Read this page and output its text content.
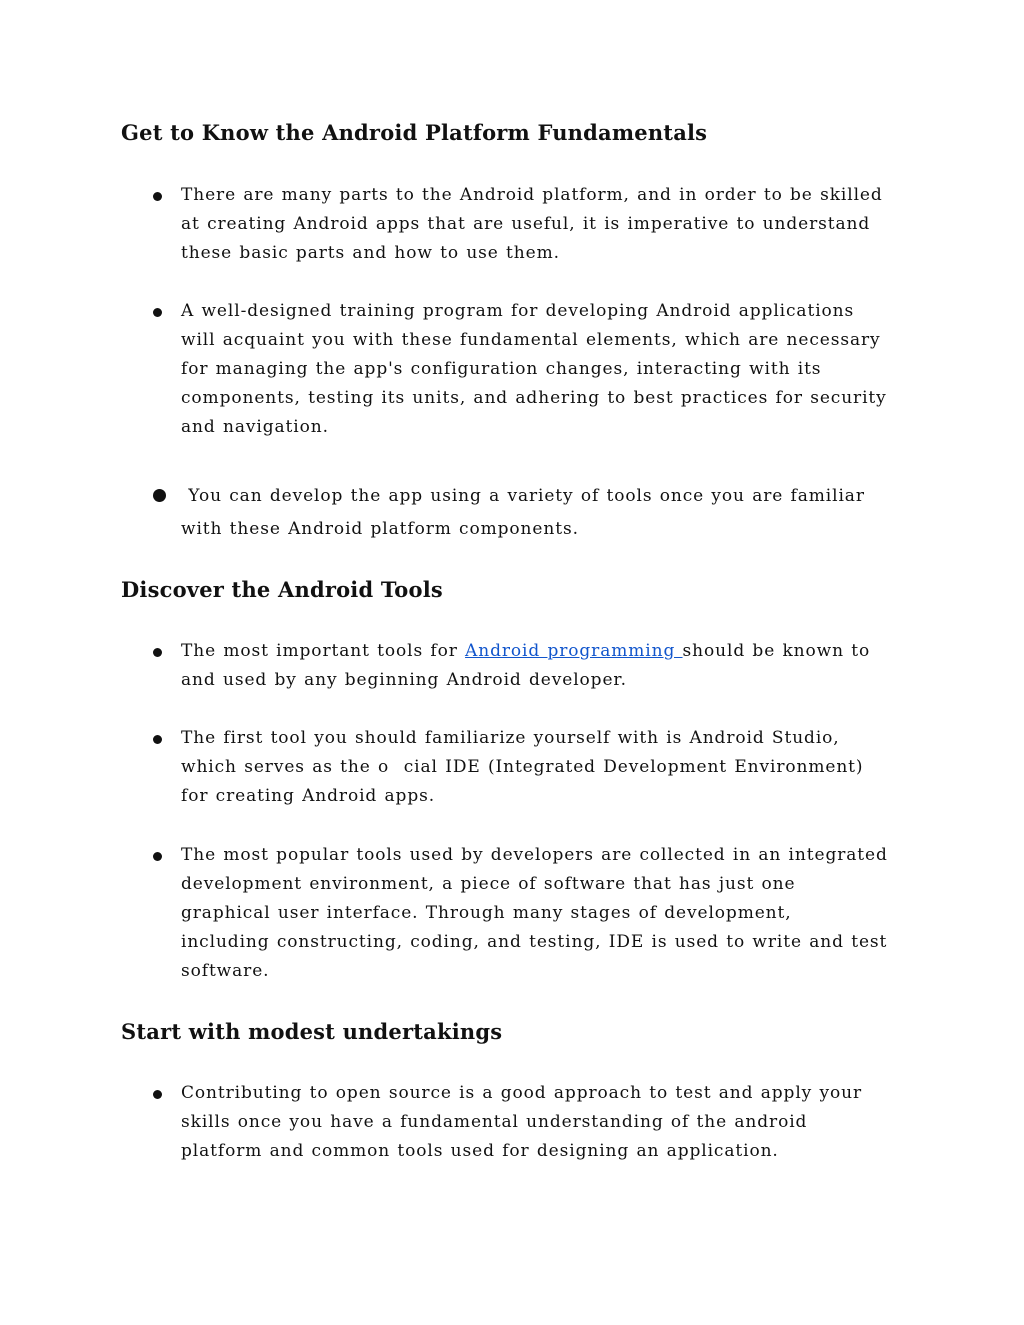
Get to Know the Android Platform Fundamentals
There are many parts to the Android platform, and in order to be skilled
at creating Android apps that are useful, it is imperative to understand
these basic parts and how to use them.
A well-designed training program for developing Android applications
will acquaint you with these fundamental elements, which are necessary
for managing the app's configuration changes, interacting with its
components, testing its units, and adhering to best practices for security
and navigation.
You can develop the app using a variety of tools once you are familiar
with these Android platform components.
Discover the Android Tools
The most important tools for Android programming should be known to
and used by any beginning Android developer.
The first tool you should familiarize yourself with is Android Studio,
which serves as the o  cial IDE (Integrated Development Environment)
for creating Android apps.
The most popular tools used by developers are collected in an integrated
development environment, a piece of software that has just one
graphical user interface. Through many stages of development,
including constructing, coding, and testing, IDE is used to write and test
software.
Start with modest undertakings
Contributing to open source is a good approach to test and apply your
skills once you have a fundamental understanding of the android
platform and common tools used for designing an application.
